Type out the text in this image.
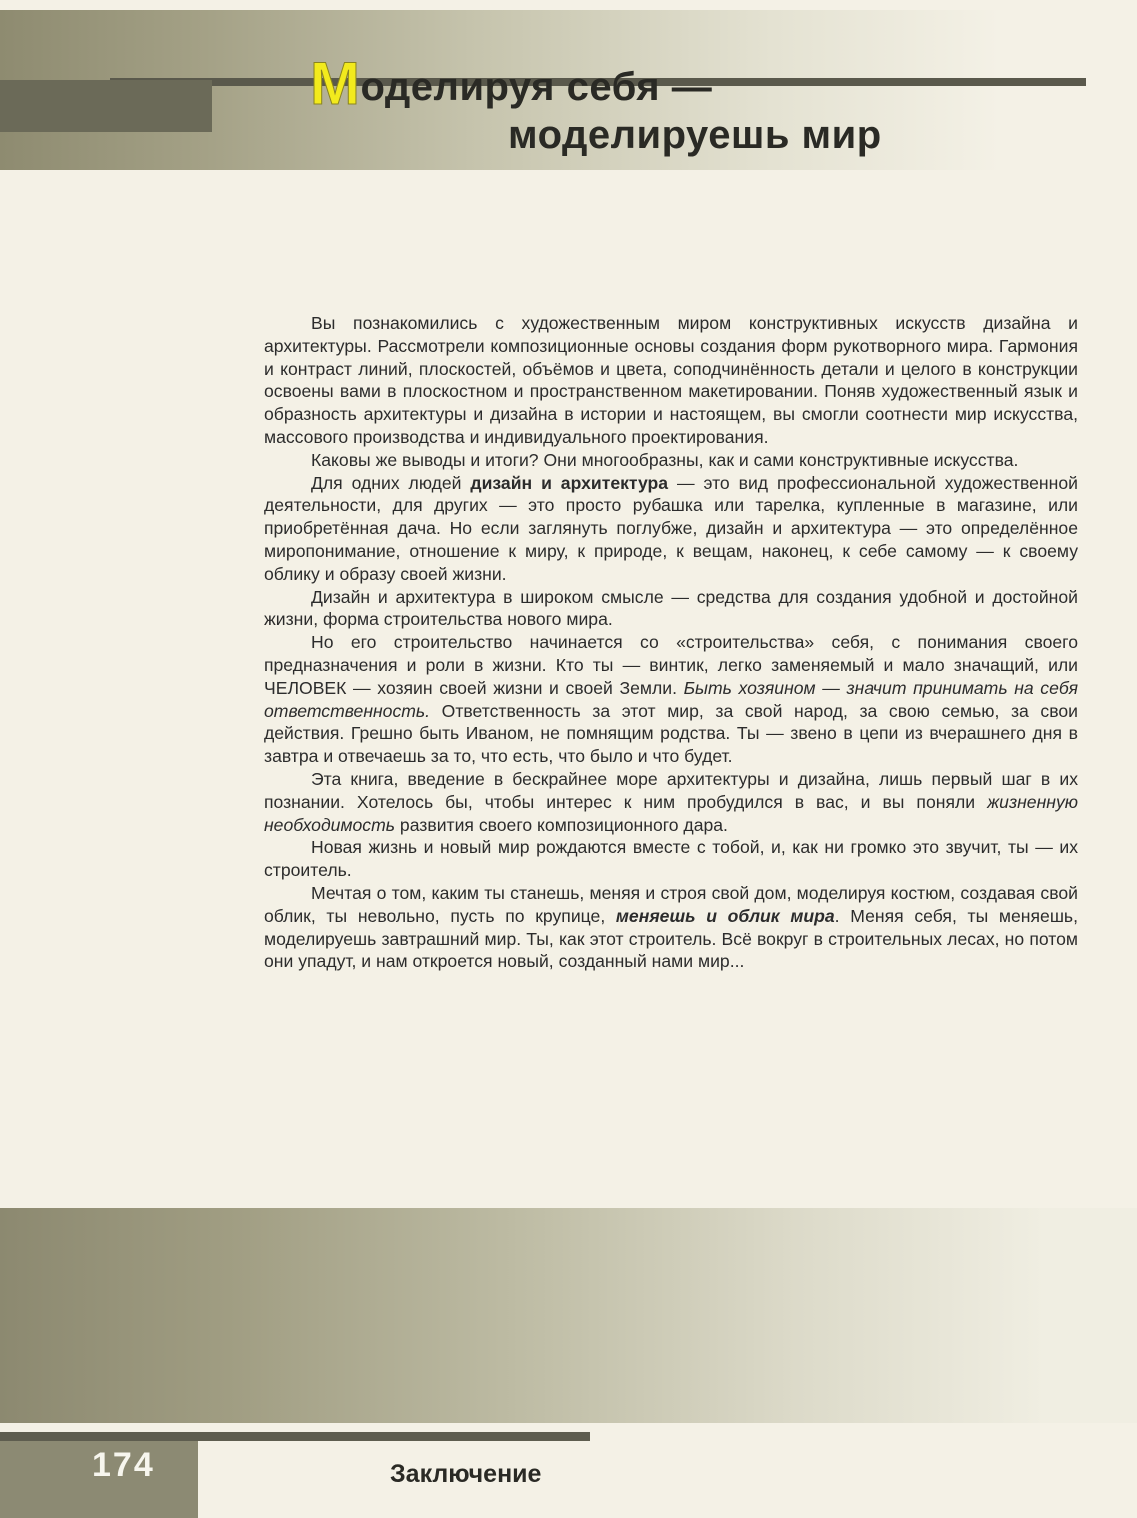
Моделируя себя —
моделируешь мир

Вы познакомились с художественным миром конструктивных искусств дизайна и архитектуры. Рассмотрели композиционные основы создания форм рукотворного мира. Гармония и контраст линий, плоскостей, объёмов и цвета, соподчинённость детали и целого в конструкции освоены вами в плоскостном и пространственном макетировании. Поняв художественный язык и образность архитектуры и дизайна в истории и настоящем, вы смогли соотнести мир искусства, массового производства и индивидуального проектирования.

Каковы же выводы и итоги? Они многообразны, как и сами конструктивные искусства.

Для одних людей дизайн и архитектура — это вид профессиональной художественной деятельности, для других — это просто рубашка или тарелка, купленные в магазине, или приобретённая дача. Но если заглянуть поглубже, дизайн и архитектура — это определённое миропонимание, отношение к миру, к природе, к вещам, наконец, к себе самому — к своему облику и образу своей жизни.

Дизайн и архитектура в широком смысле — средства для создания удобной и достойной жизни, форма строительства нового мира.

Но его строительство начинается со «строительства» себя, с понимания своего предназначения и роли в жизни. Кто ты — винтик, легко заменяемый и мало значащий, или ЧЕЛОВЕК — хозяин своей жизни и своей Земли. Быть хозяином — значит принимать на себя ответственность. Ответственность за этот мир, за свой народ, за свою семью, за свои действия. Грешно быть Иваном, не помнящим родства. Ты — звено в цепи из вчерашнего дня в завтра и отвечаешь за то, что есть, что было и что будет.

Эта книга, введение в бескрайнее море архитектуры и дизайна, лишь первый шаг в их познании. Хотелось бы, чтобы интерес к ним пробудился в вас, и вы поняли жизненную необходимость развития своего композиционного дара.

Новая жизнь и новый мир рождаются вместе с тобой, и, как ни громко это звучит, ты — их строитель.

Мечтая о том, каким ты станешь, меняя и строя свой дом, моделируя костюм, создавая свой облик, ты невольно, пусть по крупице, меняешь и облик мира. Меняя себя, ты меняешь, моделируешь завтрашний мир. Ты, как этот строитель. Всё вокруг в строительных лесах, но потом они упадут, и нам откроется новый, созданный нами мир...

174	Заключение
